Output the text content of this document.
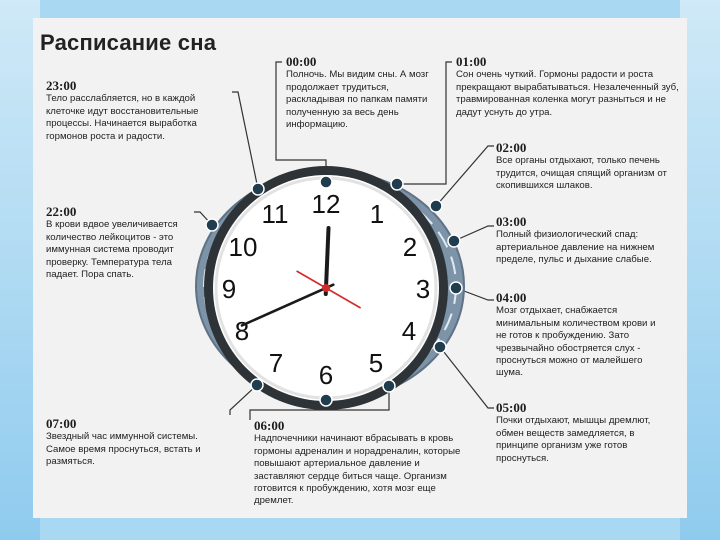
Расписание сна
12 1
2
3
4
5
6
7
8
9
10
11
00:00
Полночь. Мы видим сны. А мозг продолжает трудиться, раскладывая по папкам памяти полученную за весь день информацию.
01:00
Сон очень чуткий. Гормоны радости и роста прекращают вырабатываться. Незалеченный зуб, травмированная коленка могут разныться и не дадут уснуть до утра.
02:00
Все органы отдыхают, только печень трудится, очищая спящий организм от скопившихся шлаков.
03:00
Полный физиологический спад: артериальное давление на нижнем пределе, пульс и дыхание слабые.
04:00
Мозг отдыхает, снабжается минимальным количеством крови и не готов к пробуждению. Зато чрезвычайно обостряется слух - проснуться можно от малейшего шума.
05:00
Почки отдыхают, мышцы дремлют, обмен веществ замедляется, в принципе организм уже готов проснуться.
06:00
Надпочечники начинают вбрасывать в кровь гормоны адреналин и норадреналин, которые повышают артериальное давление и заставляют сердце биться чаще. Организм готовится к пробуждению, хотя мозг еще дремлет.
07:00
Звездный час иммунной системы. Самое время проснуться, встать и размяться.
22:00
В крови вдвое увеличивается количество лейкоцитов - это иммунная система проводит проверку. Температура тела падает. Пора спать.
23:00
Тело расслабляется, но в каждой клеточке идут восстановительные процессы. Начинается выработка гормонов роста и радости.
